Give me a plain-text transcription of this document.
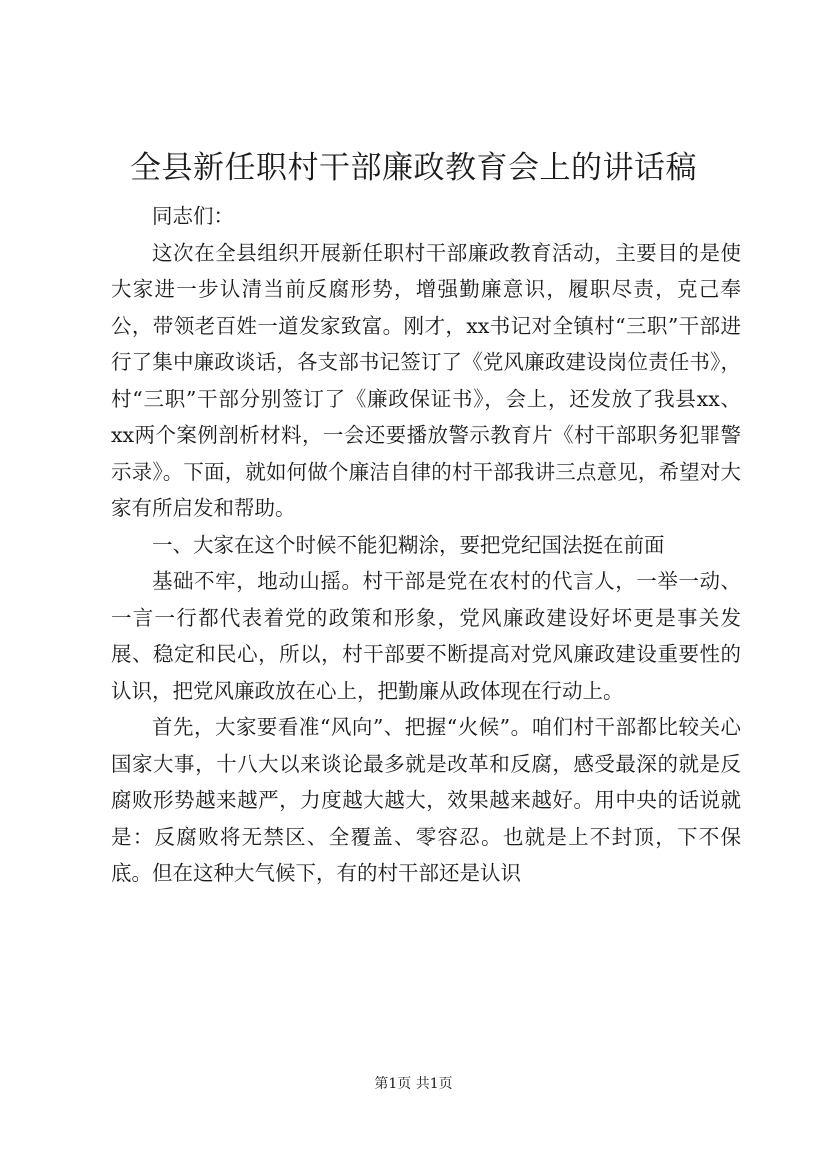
全县新任职村干部廉政教育会上的讲话稿

同志们：

这次在全县组织开展新任职村干部廉政教育活动，主要目的是使大家进一步认清当前反腐形势，增强勤廉意识，履职尽责，克己奉公，带领老百姓一道发家致富。刚才，xx书记对全镇村“三职”干部进行了集中廉政谈话，各支部书记签订了《党风廉政建设岗位责任书》，村“三职”干部分别签订了《廉政保证书》，会上，还发放了我县xx、xx两个案例剖析材料，一会还要播放警示教育片《村干部职务犯罪警示录》。下面，就如何做个廉洁自律的村干部我讲三点意见，希望对大家有所启发和帮助。

一、大家在这个时候不能犯糊涂，要把党纪国法挺在前面

基础不牢，地动山摇。村干部是党在农村的代言人，一举一动、一言一行都代表着党的政策和形象，党风廉政建设好坏更是事关发展、稳定和民心，所以，村干部要不断提高对党风廉政建设重要性的认识，把党风廉政放在心上，把勤廉从政体现在行动上。

首先，大家要看准“风向”、把握“火候”。咱们村干部都比较关心国家大事，十八大以来谈论最多就是改革和反腐，感受最深的就是反腐败形势越来越严，力度越大越大，效果越来越好。用中央的话说就是：反腐败将无禁区、全覆盖、零容忍。也就是上不封顶，下不保底。但在这种大气候下，有的村干部还是认识

第1页 共1页
